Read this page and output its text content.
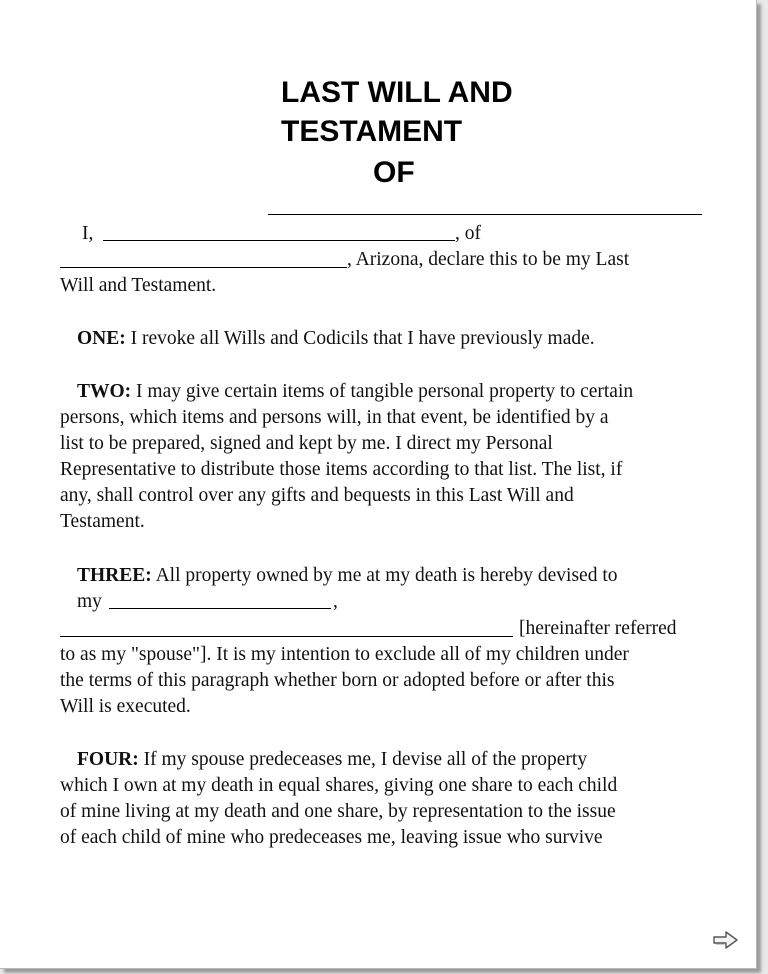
LAST WILL AND
TESTAMENT
OF
I,	, of
, Arizona, declare this to be my Last
Will and Testament.
ONE: I revoke all Wills and Codicils that I have previously made.
TWO: I may give certain items of tangible personal property to certain
persons, which items and persons will, in that event, be identified by a
list to be prepared, signed and kept by me. I direct my Personal
Representative to distribute those items according to that list. The list, if
any, shall control over any gifts and bequests in this Last Will and
Testament.
THREE: All property owned by me at my death is hereby devised to
my	,
[hereinafter referred
to as my "spouse"]. It is my intention to exclude all of my children under
the terms of this paragraph whether born or adopted before or after this
Will is executed.
FOUR: If my spouse predeceases me, I devise all of the property
which I own at my death in equal shares, giving one share to each child
of mine living at my death and one share, by representation to the issue
of each child of mine who predeceases me, leaving issue who survive
